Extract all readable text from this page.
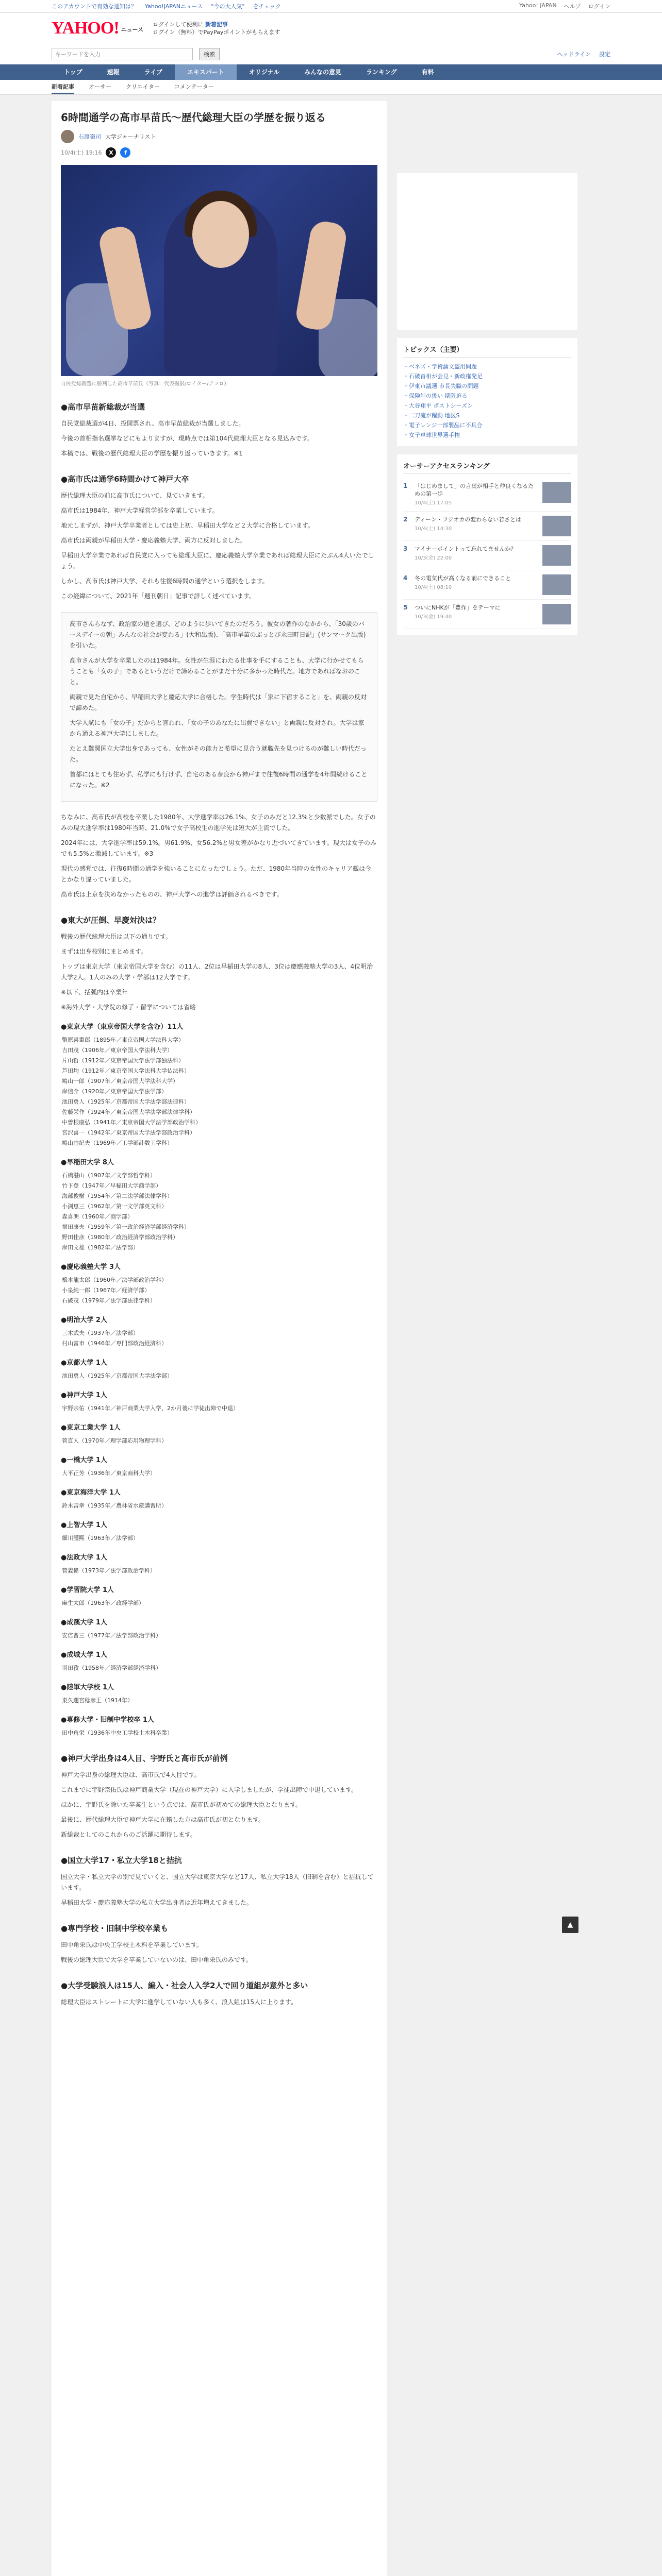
このアカウントで有効な通知は？ Yahoo!JAPANニュース "今の大人気" をチェック	Yahoo! JAPAN ヘルプ ログイン
YAHOO! ニュース
ログインして便利に 新着記事
ログイン（無料）でPayPayポイントがもらえます
キーワードを入力
検索	ヘッドライン 設定
トップ	速報	ライブ	エキスパート	オリジナル	みんなの意見	ランキング	有料
新着記事	オーサー	クリエイター	コメンテーター
6時間通学の高市早苗氏〜歴代総理大臣の学歴を振り返る
石渡嶺司 大学ジャーナリスト
10/4(土) 19:16	X	f
自民党総裁選に勝利した高市早苗氏（写真：代表撮影/ロイター/アフロ）
●高市早苗新総裁が当選

自民党総裁選が4日、投開票され、高市早苗総裁が当選しました。

今後の首相指名選挙などにもよりますが、現時点では第104代総理大臣となる見込みです。

本稿では、戦後の歴代総理大臣の学歴を振り返っていきます。※1

●高市氏は通学6時間かけて神戸大卒

歴代総理大臣の前に高市氏について、見ていきます。

高市氏は1984年、神戸大学経営学部を卒業しています。

地元しまずが、神戸大学卒業者としては史上初、早稲田大学など２大学に合格しています。

高市氏は両親が早稲田大学・慶応義塾大学、両方に反対しました。

早稲田大学卒業であれば自民党に入っても総理大臣に、慶応義塾大学卒業であれば総理大臣にたぶん4人いたでしょう。

しかし、高市氏は神戸大学、それも往復6時間の通学という選択をします。

この経緯について、2021年「週刊朝日」記事で詳しく述べています。

高市さんらなず、政治家の道を選び、どのように歩いてきたのだろう。彼女の著作のなかから、「30歳のバースデイーの朝」みんなの社会が変わる」(大和出版)、「高市早苗のぶっとび永田町日記」(サンマーク出版)を引いた。

高市さんが大学を卒業したのは1984年。女性が生涯にわたる仕事を手にすることも、大学に行かせてもらうことも「女の子」であるというだけで諦めることがまだ十分に多かった時代だ。地方であればなおのこと。

両親で見た自宅から、早稲田大学と慶応大学に合格した。学生時代は「家に下宿すること」を、両親の反対で諦めた。

大学入試にも「女の子」だからと言われ、「女の子のあなたに出費できない」と両親に反対され。大学は家から通える神戸大学にしました。

たとえ難関国立大学出身であっても、女性がその能力と希望に見合う就職先を見つけるのが難しい時代だった。

首都にはとても住めず、私学にも行けず、自宅のある奈良から神戸まで往復6時間の通学を4年間続けることになった。※2

ちなみに、高市氏が高校を卒業した1980年、大学進学率は26.1%、女子のみだと12.3%と少数派でした。女子のみの現大進学率は1980年当時、21.0%で女子高校生の進学先は短大が主流でした。

2024年には、大学進学率は59.1%。男61.9%、女56.2%と男女差がかなり近づいてきています。現大は女子のみでも5.5%と激減しています。※3

現代の感覚では、往復6時間の通学を強いることになったでしょう。ただ、1980年当時の女性のキャリア観は今とかなり違っていました。

高市氏は上京を決めなかったものの、神戸大学への進学は評価されるべきです。

●東大が圧倒、早慶対決は？

戦後の歴代総理大臣は以下の通りです。

まずは出身校別にまとめます。

トップは東京大学（東京帝国大学を含む）の11人、2位は早稲田大学の8人、3位は慶應義塾大学の3人、4位明治大学2人。1人のみの大学・学部は12大学です。

※以下、括弧内は卒業年

※海外大学・大学院の修了・留学については省略

●東京大学（東京帝国大学を含む）11人

幣原喜重郎（1895年／東京帝国大学法科大学）

吉田茂（1906年／東京帝国大学法科大学）

片山哲（1912年／東京帝国大学法学部独法科）

芦田均（1912年／東京帝国大学法科大学仏法科）

鳩山一郎（1907年／東京帝国大学法科大学）

岸信介（1920年／東京帝国大学法学部）

池田勇人（1925年／京都帝国大学法学部法律科）

佐藤栄作（1924年／東京帝国大学法学部法律学科）

中曽根康弘（1941年／東京帝国大学法学部政治学科）

宮沢喜一（1942年／東京帝国大学法学部政治学科）

鳩山由紀夫（1969年／工学部計数工学科）

●早稲田大学 8人

石橋湛山（1907年／文学部哲学科）

竹下登（1947年／早稲田大学商学部）

海部俊樹（1954年／第二法学部法律学科）

小渕恵三（1962年／第一文学部英文科）

森喜朗（1960年／商学部）

福田康夫（1959年／第一政治経済学部経済学科）

野田佳彦（1980年／政治経済学部政治学科）

岸田文雄（1982年／法学部）

●慶応義塾大学 3人

橋本龍太郎（1960年／法学部政治学科）

小泉純一郎（1967年／経済学部）

石破茂（1979年／法学部法律学科）

●明治大学 2人

三木武夫（1937年／法学部）

村山富市（1946年／専門部政治経済科）

●京都大学 1人

池田勇人（1925年／京都帝国大学法学部）

●神戸大学 1人

宇野宗佑（1941年／神戸商業大学入学、2か月後に学徒出陣で中退）

●東京工業大学 1人

菅直人（1970年／理学部応用物理学科）

●一橋大学 1人

大平正芳（1936年／東京商科大学）

●東京海洋大学 1人

鈴木善幸（1935年／農林省水産講習所）

●上智大学 1人

細川護熙（1963年／法学部）

●法政大学 1人

菅義偉（1973年／法学部政治学科）

●学習院大学 1人

麻生太郎（1963年／政経学部）

●成蹊大学 1人

安倍晋三（1977年／法学部政治学科）

●成城大学 1人

羽田孜（1958年／経済学部経済学科）

●陸軍大学校 1人

東久邇宮稔彦王（1914年）

●専修大学・旧制中学校卒 1人

田中角栄（1936年中央工学校土木科卒業）

●神戸大学出身は4人目、宇野氏と高市氏が前例

神戸大学出身の総理大臣は、高市氏で4人目です。

これまでに宇野宗佑氏は神戸商業大学（現在の神戸大学）に入学しましたが、学徒出陣で中退しています。

ほかに、宇野氏を除いた卒業生という点では、高市氏が初めての総理大臣となります。

最後に、歴代総理大臣で神戸大学に在籍した方は高市氏が初となります。

新総裁としてのこれからのご活躍に期待します。

●国立大学17・私立大学18と拮抗

国立大学・私立大学の別で見ていくと、国立大学は東京大学など17人、私立大学18人（旧制を含む）と拮抗しています。

早稲田大学・慶応義塾大学の私立大学出身者は近年増えてきました。

●専門学校・旧制中学校卒業も

田中角栄氏は中央工学校土木科を卒業しています。

戦後の総理大臣で大学を卒業していないのは、田中角栄氏のみです。

●大学受験浪人は15人、編入・社会人入学2人で回り道組が意外と多い

総理大臣はストレートに大学に進学していない人も多く、浪人組は15人に上ります。

トピックス（主要）
・ベネズ・学術論文盗用問題
・石破首相が会見・新政権発足
・伊東市議選 市長失職の問題
・保険証の扱い 期限迫る
・大谷翔平 ポストシーズン
・二刀流が躍動 地区S
・電子レンジ一部製品に不具合
・女子卓球世界選手権
オーサーアクセスランキング
1	「はじめまして」の言葉が相手と仲良くなるための第一歩
10/4(土) 17:05
2	ディーン・フジオカの変わらない若さとは
10/4(土) 14:30
3	マイナーポイントって忘れてませんか？
10/3(金) 22:00
4	冬の電気代が高くなる前にできること
10/4(土) 08:10
5	ついにNHKが「豊作」をテーマに
10/3(金) 19:40
▲
